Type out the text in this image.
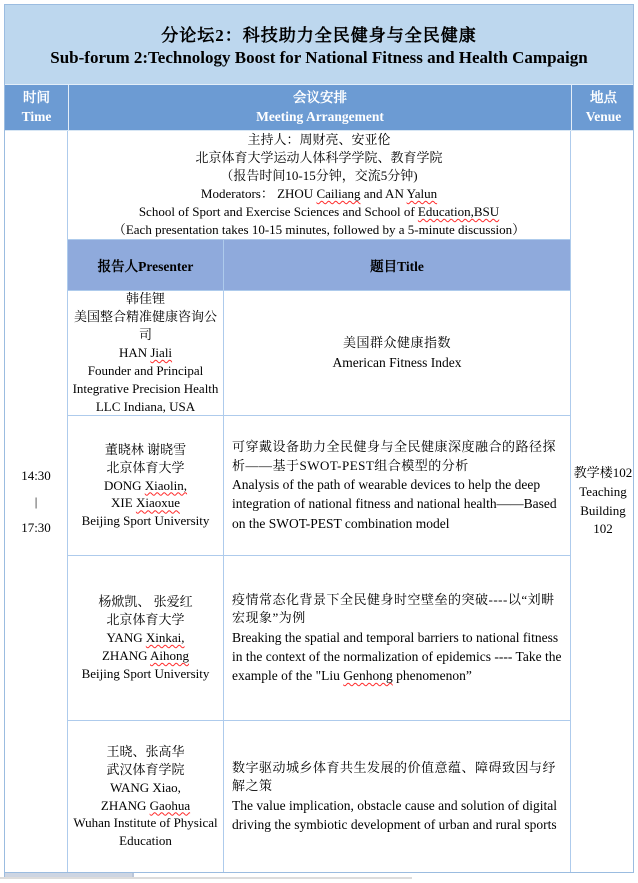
分论坛2：科技助力全民健身与全民健康
Sub-forum 2:Technology Boost for National Fitness and Health Campaign
时间
Time
会议安排
Meeting Arrangement
地点
Venue
14:30
|
17:30
主持人：周财亮、安亚伦
北京体育大学运动人体科学学院、教育学院
（报告时间10-15分钟，交流5分钟)
Moderators： ZHOU Cailiang and AN Yalun
School of Sport and Exercise Sciences and School of Education,BSU
（Each presentation takes 10-15 minutes, followed by a 5-minute discussion）
报告人Presenter	题目Title
韩佳锂
美国整合精准健康咨询公司
HAN Jiali
Founder and Principal Integrative Precision Health LLC Indiana, USA
美国群众健康指数
American Fitness Index
董晓林 谢晓雪
北京体育大学
DONG Xiaolin,
XIE Xiaoxue
Beijing Sport University
可穿戴设备助力全民健身与全民健康深度融合的路径探析——基于SWOT-PEST组合模型的分析
Analysis of the path of wearable devices to help the deep integration of national fitness and national health——Based on the SWOT-PEST combination model
杨焮凯、 张爱红
北京体育大学
YANG Xinkai,
ZHANG Aihong
Beijing Sport University
疫情常态化背景下全民健身时空壁垒的突破----以“刘畊宏现象”为例
Breaking the spatial and temporal barriers to national fitness in the context of the normalization of epidemics ---- Take the example of the "Liu Genhong phenomenon”
王晓、张高华
武汉体育学院
WANG Xiao,
ZHANG Gaohua
Wuhan Institute of Physical Education
数字驱动城乡体育共生发展的价值意蕴、障碍致因与纾解之策
The value implication, obstacle cause and solution of digital driving the symbiotic development of urban and rural sports
教学楼102
Teaching Building 102
